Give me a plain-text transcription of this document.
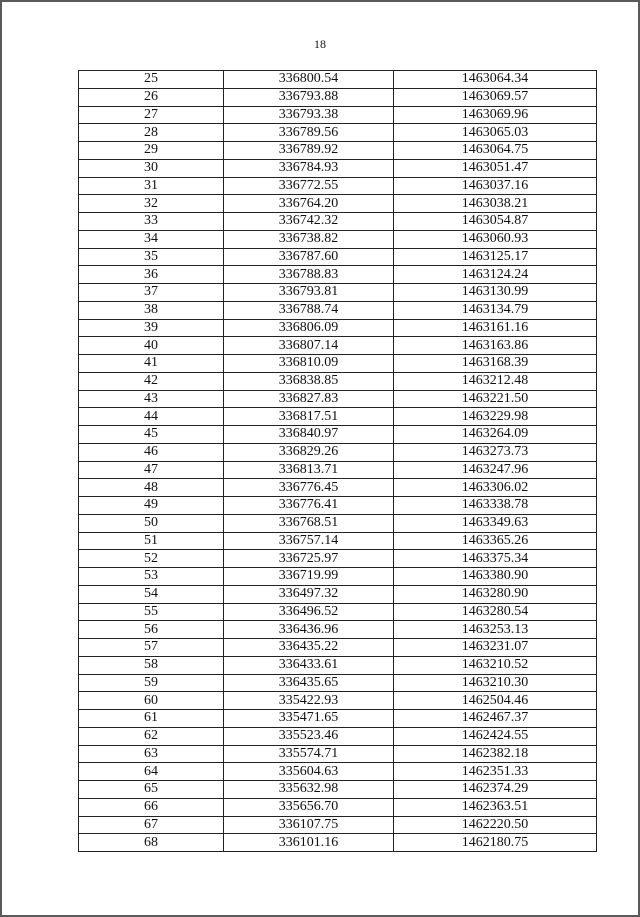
18
25	336800.54	1463064.34
26	336793.88	1463069.57
27	336793.38	1463069.96
28	336789.56	1463065.03
29	336789.92	1463064.75
30	336784.93	1463051.47
31	336772.55	1463037.16
32	336764.20	1463038.21
33	336742.32	1463054.87
34	336738.82	1463060.93
35	336787.60	1463125.17
36	336788.83	1463124.24
37	336793.81	1463130.99
38	336788.74	1463134.79
39	336806.09	1463161.16
40	336807.14	1463163.86
41	336810.09	1463168.39
42	336838.85	1463212.48
43	336827.83	1463221.50
44	336817.51	1463229.98
45	336840.97	1463264.09
46	336829.26	1463273.73
47	336813.71	1463247.96
48	336776.45	1463306.02
49	336776.41	1463338.78
50	336768.51	1463349.63
51	336757.14	1463365.26
52	336725.97	1463375.34
53	336719.99	1463380.90
54	336497.32	1463280.90
55	336496.52	1463280.54
56	336436.96	1463253.13
57	336435.22	1463231.07
58	336433.61	1463210.52
59	336435.65	1463210.30
60	335422.93	1462504.46
61	335471.65	1462467.37
62	335523.46	1462424.55
63	335574.71	1462382.18
64	335604.63	1462351.33
65	335632.98	1462374.29
66	335656.70	1462363.51
67	336107.75	1462220.50
68	336101.16	1462180.75
